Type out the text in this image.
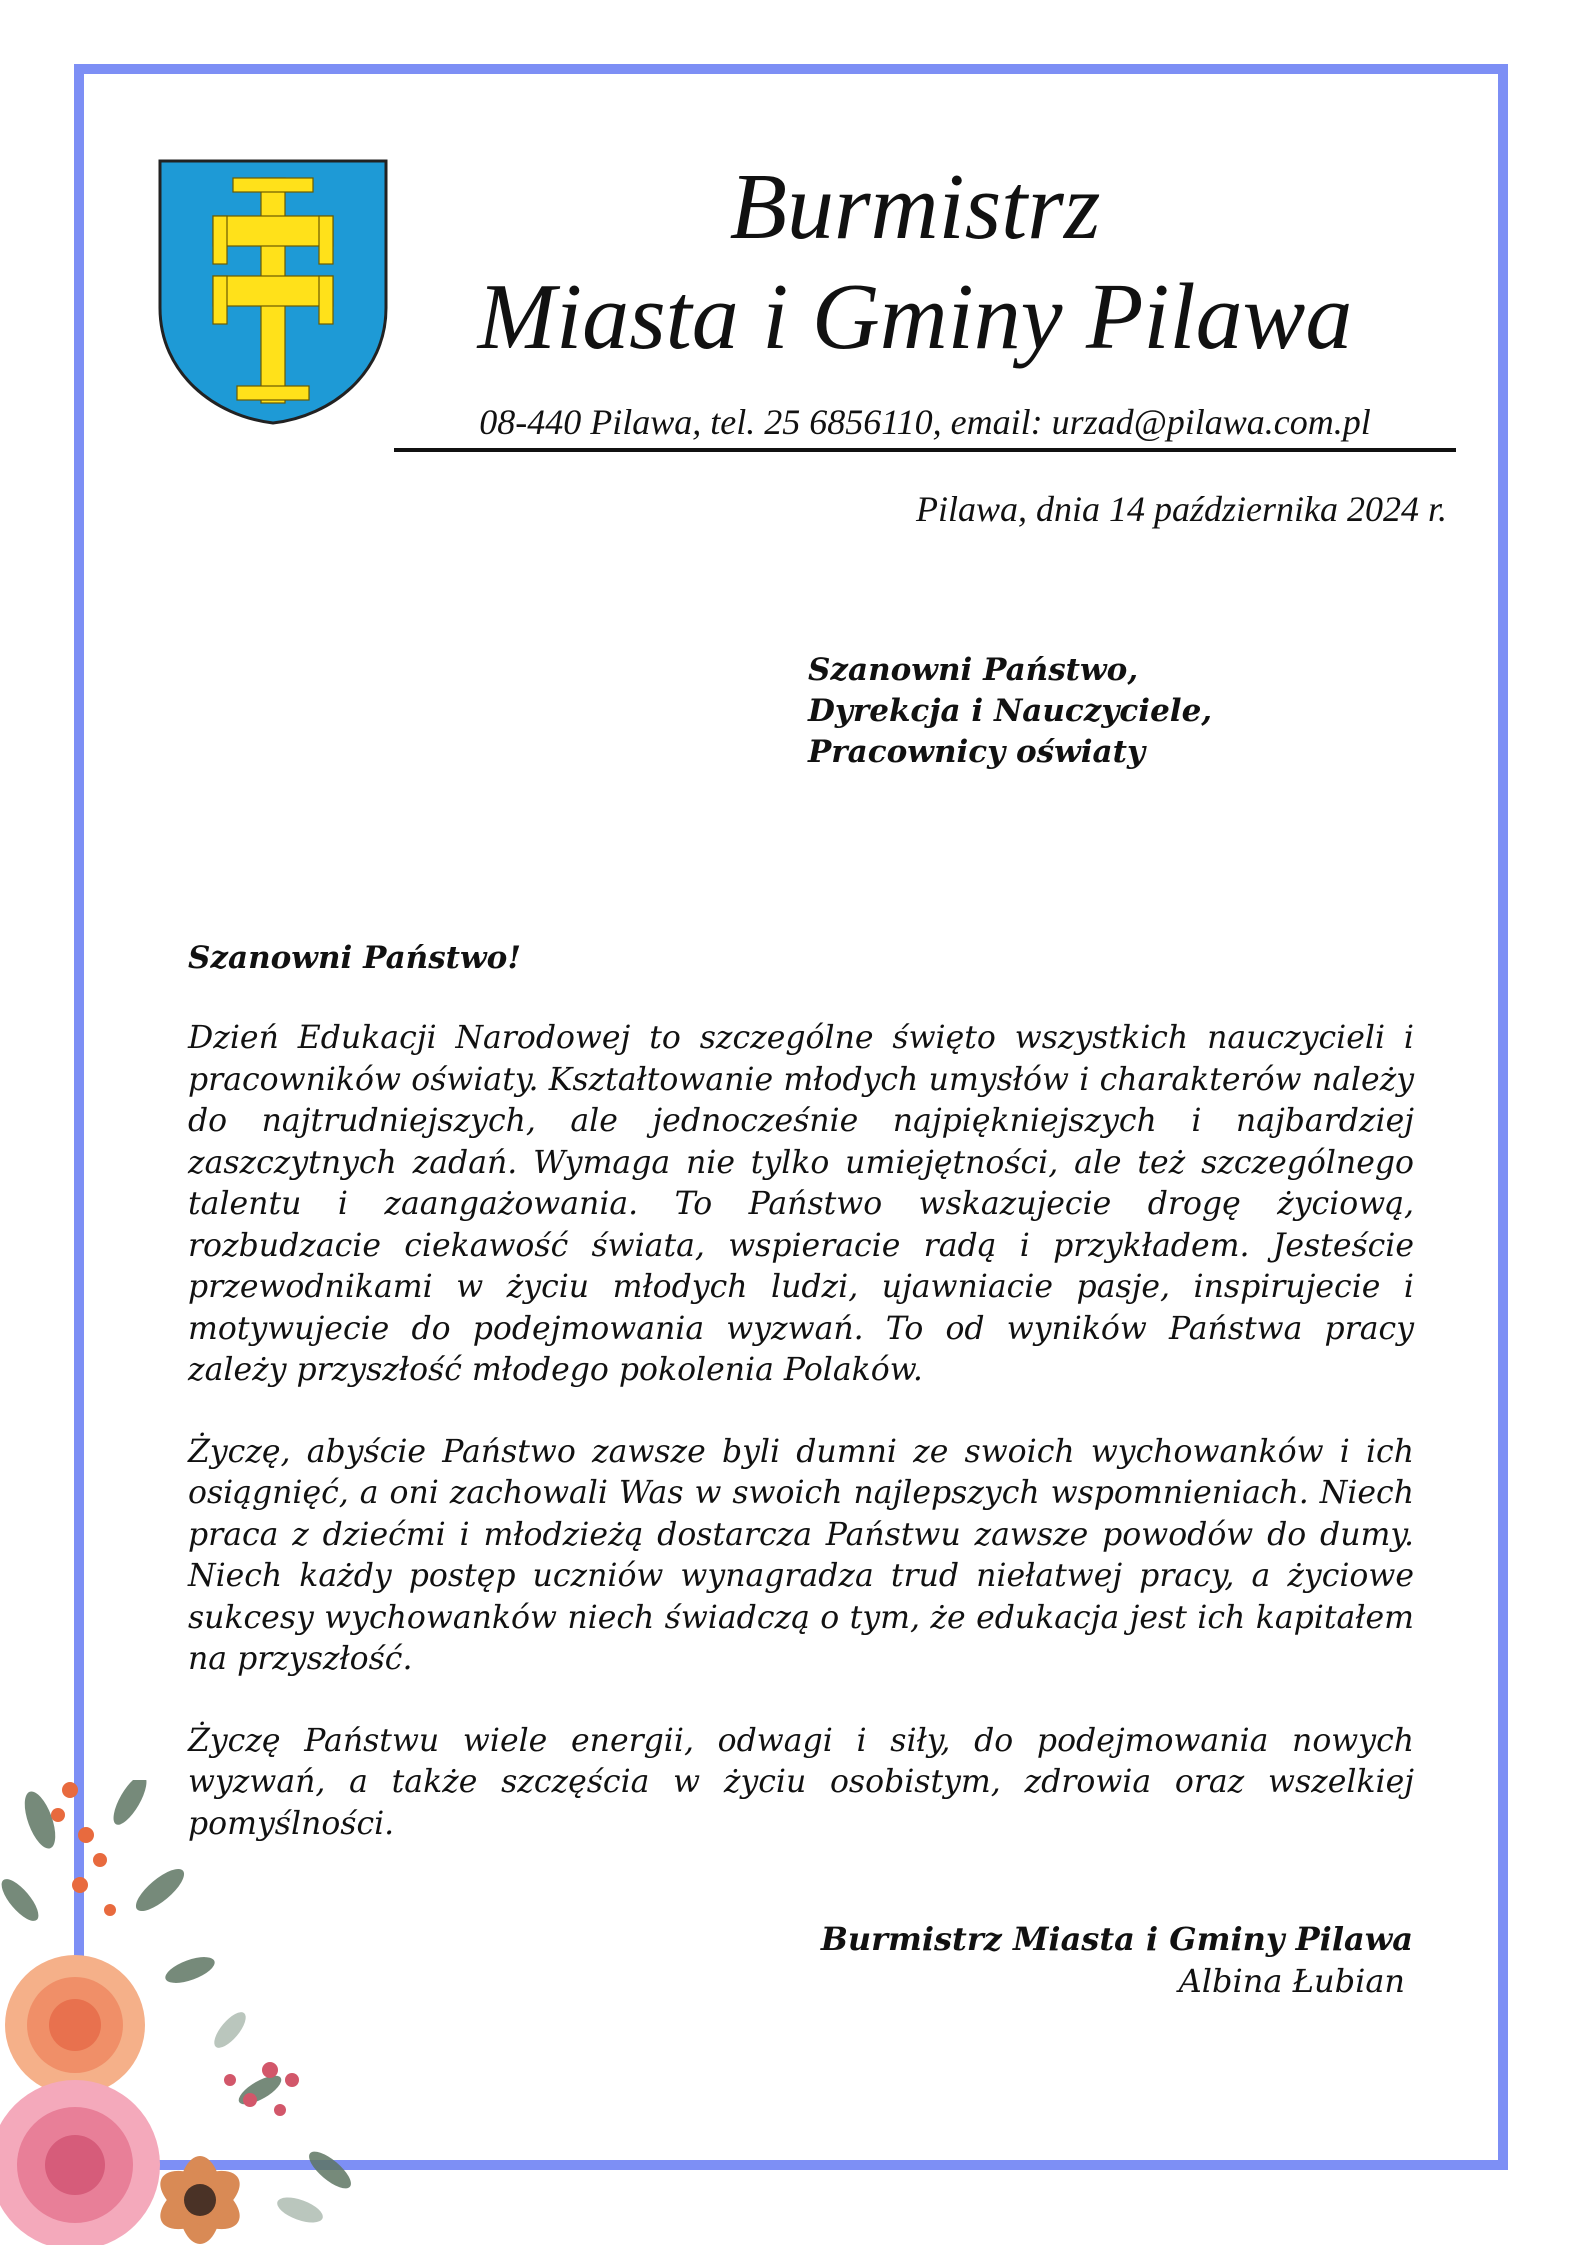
Burmistrz
Miasta i Gminy Pilawa
08-440 Pilawa, tel. 25 6856110, email: urzad@pilawa.com.pl
Pilawa, dnia 14 października 2024 r.
Szanowni Państwo,
Dyrekcja i Nauczyciele,
Pracownicy oświaty
Szanowni Państwo!

Dzień Edukacji Narodowej to szczególne święto wszystkich nauczycieli i pracowników oświaty. Kształtowanie młodych umysłów i charakterów należy do najtrudniejszych, ale jednocześnie najpiękniejszych i najbardziej zaszczytnych zadań. Wymaga nie tylko umiejętności, ale też szczególnego talentu i zaangażowania. To Państwo wskazujecie drogę życiową, rozbudzacie ciekawość świata, wspieracie radą i przykładem. Jesteście przewodnikami w życiu młodych ludzi, ujawniacie pasje, inspirujecie i motywujecie do podejmowania wyzwań. To od wyników Państwa pracy zależy przyszłość młodego pokolenia Polaków.

Życzę, abyście Państwo zawsze byli dumni ze swoich wychowanków i ich osiągnięć, a oni zachowali Was w swoich najlepszych wspomnieniach. Niech praca z dziećmi i młodzieżą dostarcza Państwu zawsze powodów do dumy. Niech każdy postęp uczniów wynagradza trud niełatwej pracy, a życiowe sukcesy wychowanków niech świadczą o tym, że edukacja jest ich kapitałem na przyszłość.

Życzę Państwu wiele energii, odwagi i siły, do podejmowania nowych wyzwań, a także szczęścia w życiu osobistym, zdrowia oraz wszelkiej pomyślności.

Burmistrz Miasta i Gminy Pilawa
Albina Łubian
